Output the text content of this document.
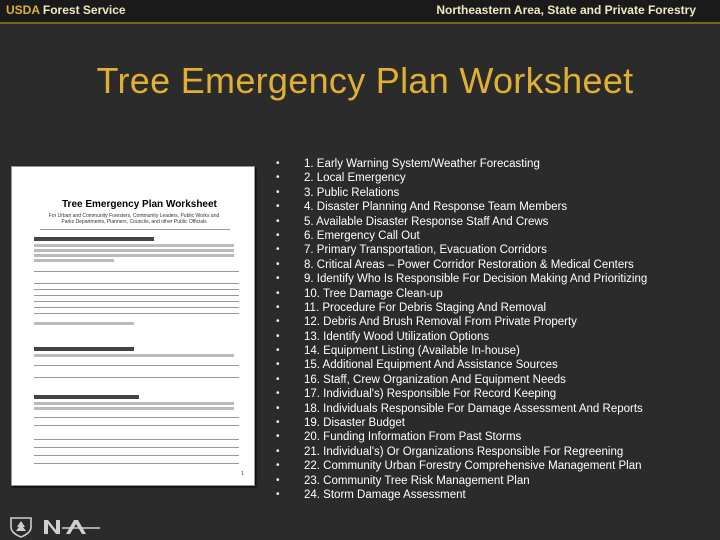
USDA Forest Service	Northeastern Area, State and Private Forestry
Tree Emergency Plan Worksheet
Tree Emergency Plan Worksheet
For Urban and Community Foresters, Community Leaders, Public Works and Parks Departments, Planners, Councils, and other Public Officials
1
•	1. Early Warning System/Weather Forecasting
•	2. Local Emergency
•	3. Public Relations
•	4. Disaster Planning And Response Team Members
•	5. Available Disaster Response Staff And Crews
•	6. Emergency Call Out
•	7. Primary Transportation, Evacuation Corridors
•	8. Critical Areas – Power Corridor Restoration & Medical Centers
•	9. Identify Who Is Responsible For Decision Making And Prioritizing
•	10. Tree Damage Clean-up
•	11. Procedure For Debris Staging And Removal
•	12. Debris And Brush Removal From Private Property
•	13. Identify Wood Utilization Options
•	14. Equipment Listing (Available In-house)
•	15. Additional Equipment And Assistance Sources
•	16. Staff, Crew Organization And Equipment Needs
•	17. Individual's) Responsible For Record Keeping
•	18. Individuals Responsible For Damage Assessment And Reports
•	19. Disaster Budget
•	20. Funding Information From Past Storms
•	21. Individual's) Or Organizations Responsible For Regreening
•	22. Community Urban Forestry Comprehensive Management Plan
•	23. Community Tree Risk Management Plan
•	24. Storm Damage Assessment
